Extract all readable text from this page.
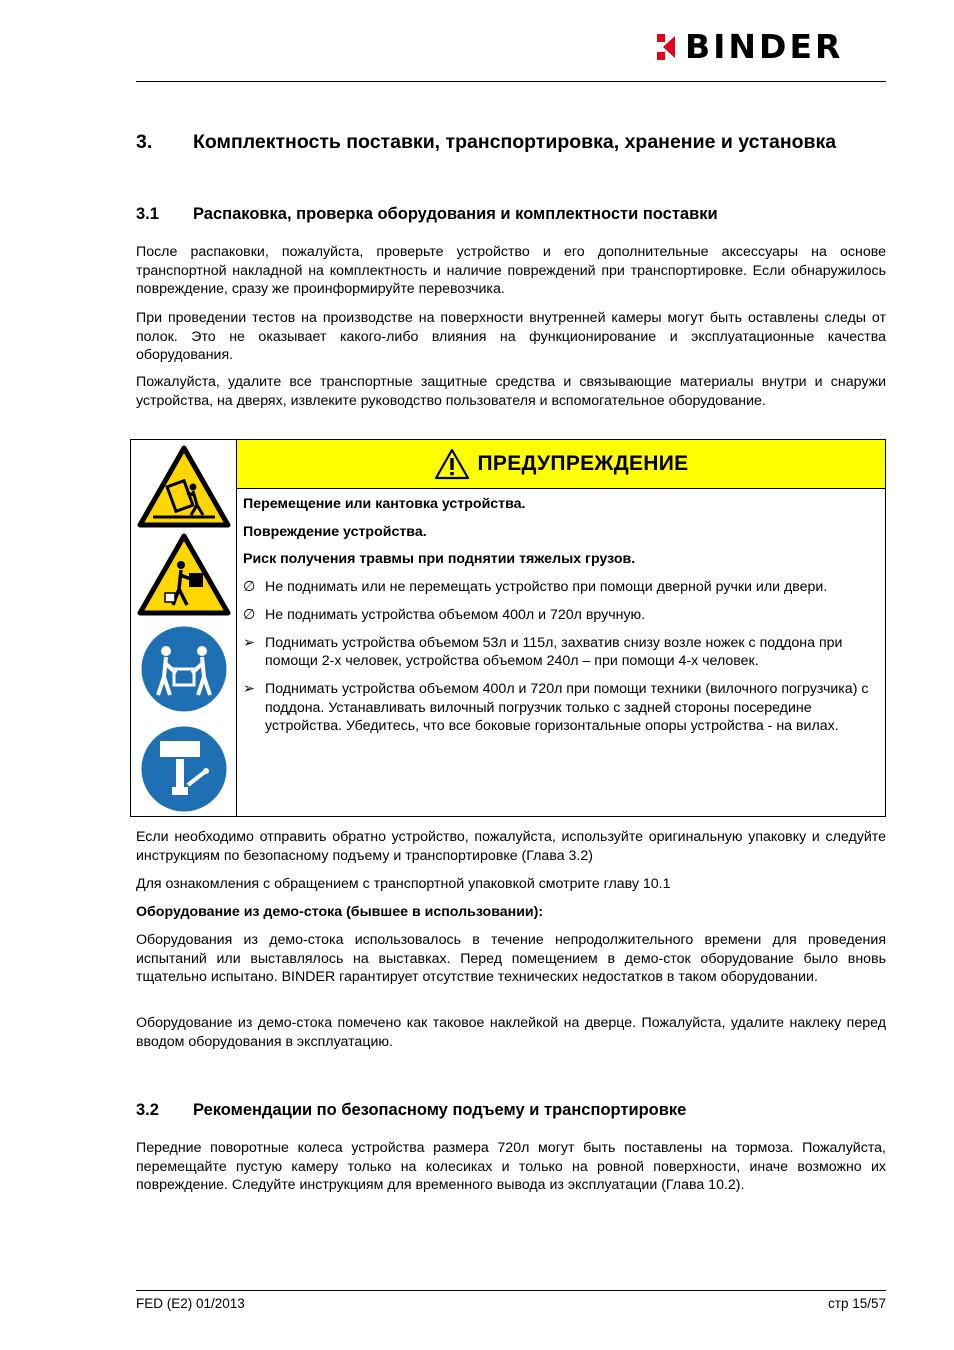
BINDER
3. Комплектность поставки, транспортировка, хранение и установка
3.1 Распаковка, проверка оборудования и комплектности поставки
После распаковки, пожалуйста, проверьте устройство и его дополнительные аксессуары на основе транспортной накладной на комплектность и наличие повреждений при транспортировке. Если обнаружилось повреждение, сразу же проинформируйте перевозчика.
При проведении тестов на производстве на поверхности внутренней камеры могут быть оставлены следы от полок. Это не оказывает какого-либо влияния на функционирование и эксплуатационные качества оборудования.
Пожалуйста, удалите все транспортные защитные средства и связывающие материалы внутри и снаружи устройства, на дверях, извлеките руководство пользователя и вспомогательное оборудование.
ПРЕДУПРЕЖДЕНИЕ
Перемещение или кантовка устройства.
Повреждение устройства.
Риск получения травмы при поднятии тяжелых грузов.
∅ Не поднимать или не перемещать устройство при помощи дверной ручки или двери.
∅ Не поднимать устройства объемом 400л и 720л вручную.
➢ Поднимать устройства объемом 53л и 115л, захватив снизу возле ножек с поддона при помощи 2-х человек, устройства объемом 240л – при помощи 4-х человек.
➢ Поднимать устройства объемом 400л и 720л при помощи техники (вилочного погрузчика) с поддона. Устанавливать вилочный погрузчик только с задней стороны посередине устройства. Убедитесь, что все боковые горизонтальные опоры устройства - на вилах.
Если необходимо отправить обратно устройство, пожалуйста, используйте оригинальную упаковку и следуйте инструкциям по безопасному подъему и транспортировке (Глава 3.2)
Для ознакомления с обращением с транспортной упаковкой смотрите главу 10.1
Оборудование из демо-стока (бывшее в использовании):
Оборудования из демо-стока использовалось в течение непродолжительного времени для проведения испытаний или выставлялось на выставках. Перед помещением в демо-сток оборудование было вновь тщательно испытано. BINDER гарантирует отсутствие технических недостатков в таком оборудовании.
Оборудование из демо-стока помечено как таковое наклейкой на дверце. Пожалуйста, удалите наклеку перед вводом оборудования в эксплуатацию.
3.2 Рекомендации по безопасному подъему и транспортировке
Передние поворотные колеса устройства размера 720л могут быть поставлены на тормоза. Пожалуйста, перемещайте пустую камеру только на колесиках и только на ровной поверхности, иначе возможно их повреждение. Следуйте инструкциям для временного вывода из эксплуатации (Глава 10.2).
FED (E2) 01/2013	стр 15/57
